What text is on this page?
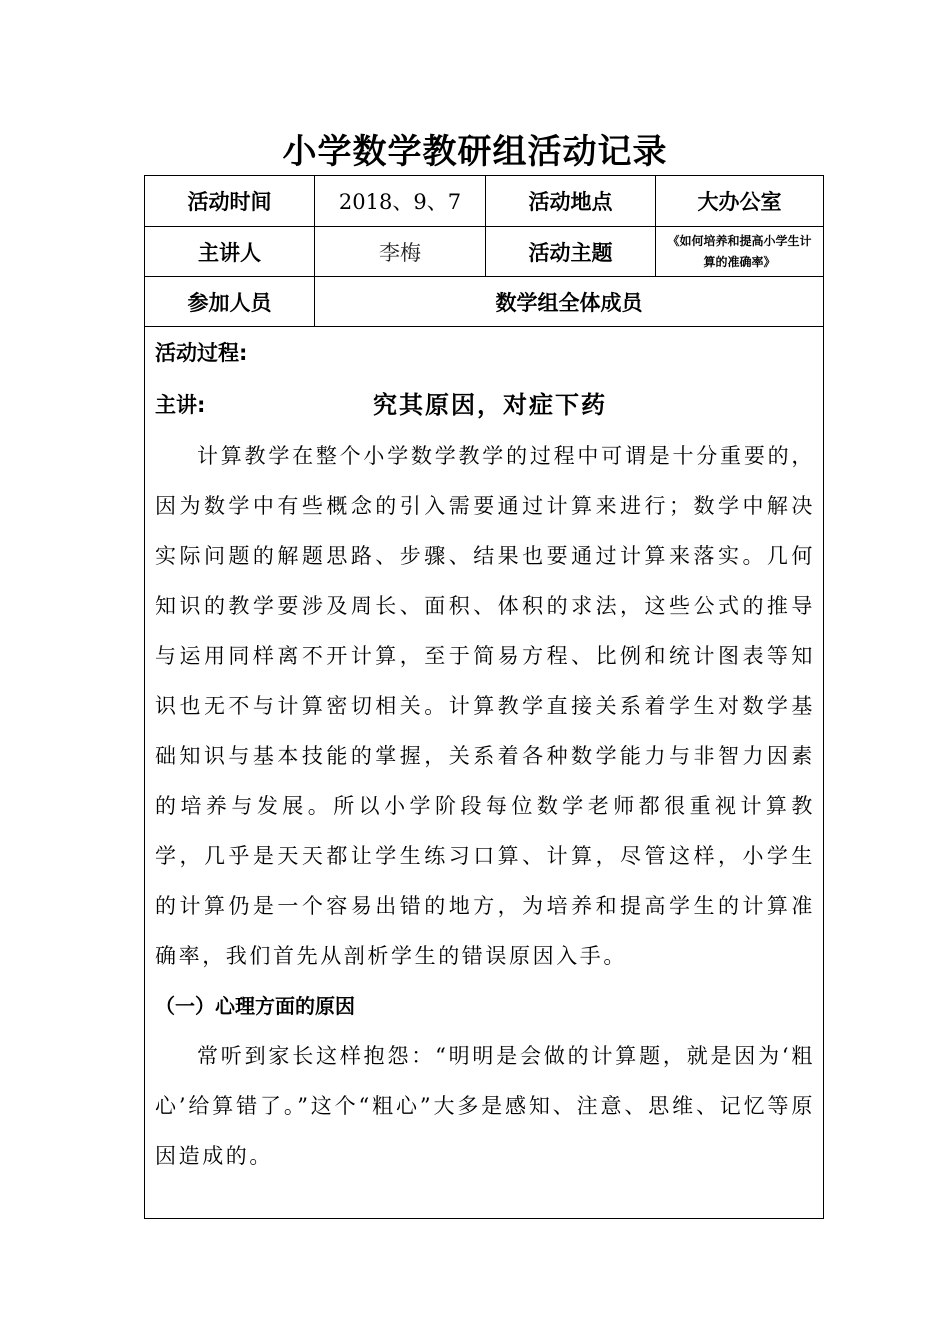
小学数学教研组活动记录
活动时间	2018、9、7	活动地点	大办公室
主讲人	李梅	活动主题	《如何培养和提高小学生计算的准确率》
参加人员	数学组全体成员
活动过程:
主讲:	究其原因，对症下药

计算教学在整个小学数学教学的过程中可谓是十分重要的，因为数学中有些概念的引入需要通过计算来进行；数学中解决实际问题的解题思路、步骤、结果也要通过计算来落实。几何知识的教学要涉及周长、面积、体积的求法，这些公式的推导与运用同样离不开计算，至于简易方程、比例和统计图表等知识也无不与计算密切相关。计算教学直接关系着学生对数学基础知识与基本技能的掌握，关系着各种数学能力与非智力因素的培养与发展。所以小学阶段每位数学老师都很重视计算教学，几乎是天天都让学生练习口算、计算，尽管这样，小学生的计算仍是一个容易出错的地方，为培养和提高学生的计算准确率，我们首先从剖析学生的错误原因入手。

（一）心理方面的原因

常听到家长这样抱怨：“明明是会做的计算题，就是因为‘粗心’给算错了。”这个“粗心”大多是感知、注意、思维、记忆等原因造成的。
